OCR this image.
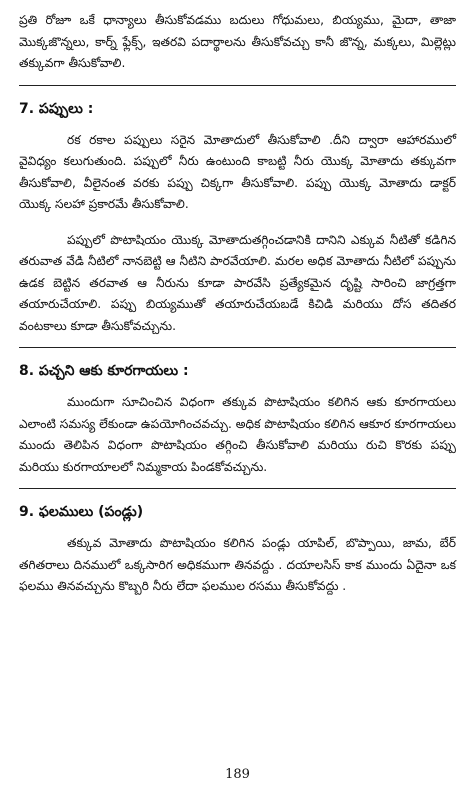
ప్రతి రోజూ ఒకే ధాన్యాలు తీసుకోవడము బదులు గోధుమలు, బియ్యము, మైదా, తాజా మొక్కజొన్నలు, కార్న్ ఫ్లేక్స్, ఇతరవి పదార్థాలను తీసుకోవచ్చు కానీ జొన్న, మక్కలు, మిల్లెట్లు తక్కువగా తీసుకోవాలి.

7. పప్పులు :

రక రకాల పప్పులు సరైన మోతాదులో తీసుకోవాలి .దీని ద్వారా ఆహారములో వైవిధ్యం కలుగుతుంది. పప్పులో నీరు ఉంటుంది కాబట్టి నీరు యొక్క మోతాదు తక్కువగా తీసుకోవాలి, వీలైనంత వరకు పప్పు చిక్కగా తీసుకోవాలి. పప్పు యొక్క మోతాదు డాక్టర్ యొక్క సలహా ప్రకారమే తీసుకోవాలి.

పప్పులో పొటాషియం యొక్క మోతాదుతగ్గించడానికి దానిని ఎక్కువ నీటితో కడిగిన తరువాత వేడి నీటిలో నానబెట్టి ఆ నీటిని పారవేయాలి. మరల అధిక మోతాదు నీటిలో పప్పును ఉడక బెట్టిన తరవాత ఆ నీరును కూడా పారవేసి ప్రత్యేకమైన దృష్టి సారించి జాగ్రత్తగా తయారుచేయాలి. పప్పు బియ్యముతో తయారుచేయబడే కిచిడి మరియు దోస తదితర వంటకాలు కూడా తీసుకోవచ్చును.

8. పచ్చని ఆకు కూరగాయలు :

ముందుగా సూచించిన విధంగా తక్కువ పొటాషియం కలిగిన ఆకు కూరగాయలు ఎలాంటి సమస్య లేకుండా ఉపయోగించవచ్చు. అధిక పొటాషియం కలిగిన ఆకూర కూరగాయలు ముందు తెలిపిన విధంగా పొటాషియం తగ్గించి తీసుకోవాలి మరియు రుచి కొరకు పప్పు మరియు కురగాయాలలో నిమ్మకాయ పిండకోవచ్చును.

9. ఫలములు (పండ్లు)

తక్కువ మోతాదు పొటాషియం కలిగిన పండ్లు యాపిల్, బొప్పాయి, జామ, బేర్ తగితరాలు దినములో ఒక్కసారిగ అధికముగా తినవద్దు . దయాలసిస్ కాక ముందు ఏదైనా ఒక ఫలము తినవచ్చును కొబ్బరి నీరు లేదా ఫలముల రసము తీసుకోవద్దు .

189
